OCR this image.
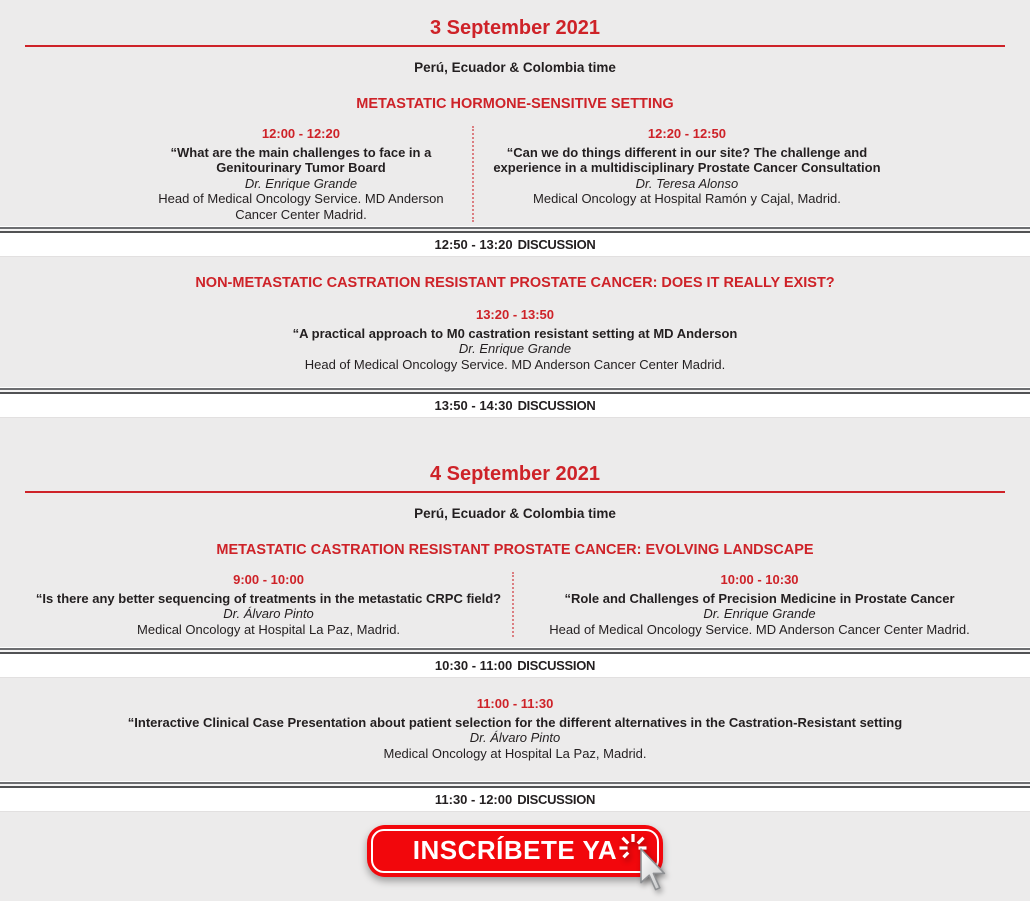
3 September 2021

Perú, Ecuador & Colombia time

METASTATIC HORMONE-SENSITIVE SETTING
12:00 - 12:20
“What are the main challenges to face in a Genitourinary Tumor Board
Dr. Enrique Grande
Head of Medical Oncology Service. MD Anderson Cancer Center Madrid.
12:20 - 12:50
“Can we do things different in our site? The challenge and experience in a multidisciplinary Prostate Cancer Consultation
Dr. Teresa Alonso
Medical Oncology at Hospital Ramón y Cajal, Madrid.
12:50 - 13:20 DISCUSSION
NON-METASTATIC CASTRATION RESISTANT PROSTATE CANCER: DOES IT REALLY EXIST?
13:20 - 13:50
“A practical approach to M0 castration resistant setting at MD Anderson
Dr. Enrique Grande
Head of Medical Oncology Service. MD Anderson Cancer Center Madrid.
13:50 - 14:30 DISCUSSION
4 September 2021

Perú, Ecuador & Colombia time

METASTATIC CASTRATION RESISTANT PROSTATE CANCER: EVOLVING LANDSCAPE
9:00 - 10:00
“Is there any better sequencing of treatments in the metastatic CRPC field?
Dr. Álvaro Pinto
Medical Oncology at Hospital La Paz, Madrid.
10:00 - 10:30
“Role and Challenges of Precision Medicine in Prostate Cancer
Dr. Enrique Grande
Head of Medical Oncology Service. MD Anderson Cancer Center Madrid.
10:30 - 11:00 DISCUSSION
11:00 - 11:30
“Interactive Clinical Case Presentation about patient selection for the different alternatives in the Castration-Resistant setting
Dr. Álvaro Pinto
Medical Oncology at Hospital La Paz, Madrid.
11:30 - 12:00 DISCUSSION
INSCRÍBETE YA
